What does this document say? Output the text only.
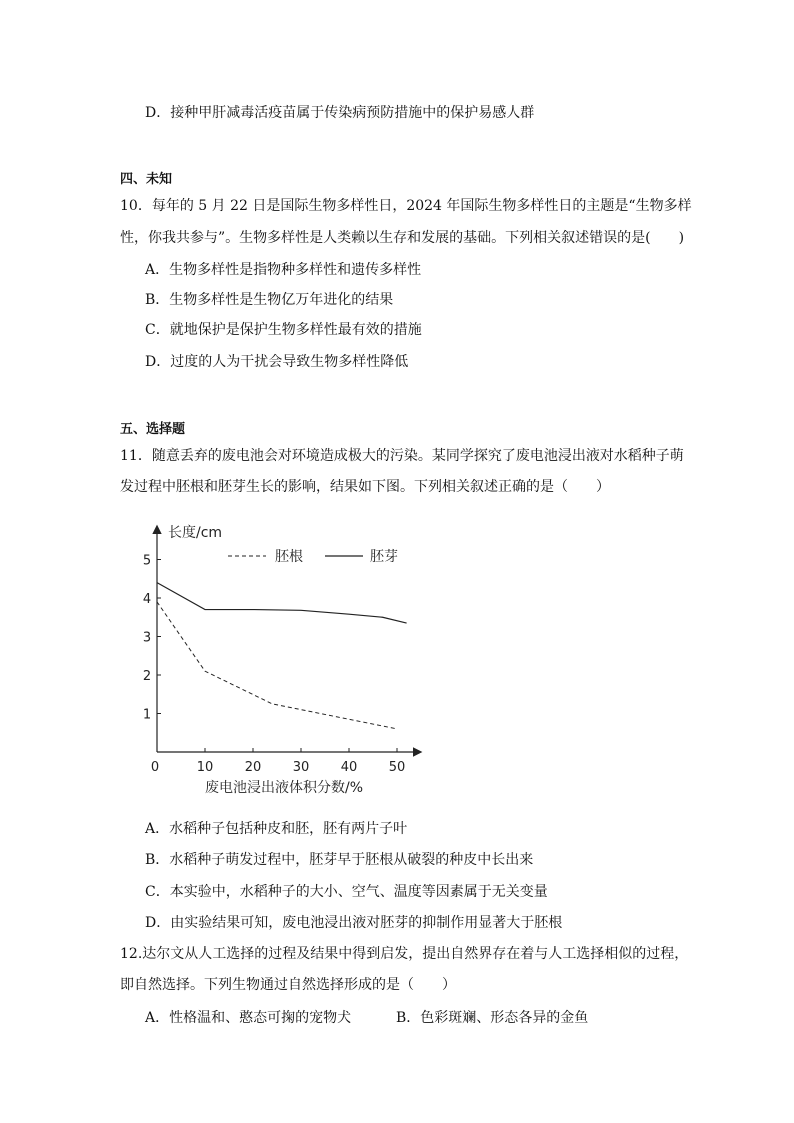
D．接种甲肝减毒活疫苗属于传染病预防措施中的保护易感人群
四、未知
10．每年的 5 月 22 日是国际生物多样性日，2024 年国际生物多样性日的主题是“生物多样
性，你我共参与”。生物多样性是人类赖以生存和发展的基础。下列相关叙述错误的是(　　)
A．生物多样性是指物种多样性和遗传多样性
B．生物多样性是生物亿万年进化的结果
C．就地保护是保护生物多样性最有效的措施
D．过度的人为干扰会导致生物多样性降低
五、选择题
11．随意丢弃的废电池会对环境造成极大的污染。某同学探究了废电池浸出液对水稻种子萌
发过程中胚根和胚芽生长的影响，结果如下图。下列相关叙述正确的是（　　）
长度/cm
废电池浸出液体积分数/%
1
2
3
4
5
0	10 20 30 40 50
胚根	胚芽
A．水稻种子包括种皮和胚，胚有两片子叶
B．水稻种子萌发过程中，胚芽早于胚根从破裂的种皮中长出来
C．本实验中，水稻种子的大小、空气、温度等因素属于无关变量
D．由实验结果可知，废电池浸出液对胚芽的抑制作用显著大于胚根
12.达尔文从人工选择的过程及结果中得到启发，提出自然界存在着与人工选择相似的过程，
即自然选择。下列生物通过自然选择形成的是（　　）
A．性格温和、憨态可掬的宠物犬	B．色彩斑斓、形态各异的金鱼
